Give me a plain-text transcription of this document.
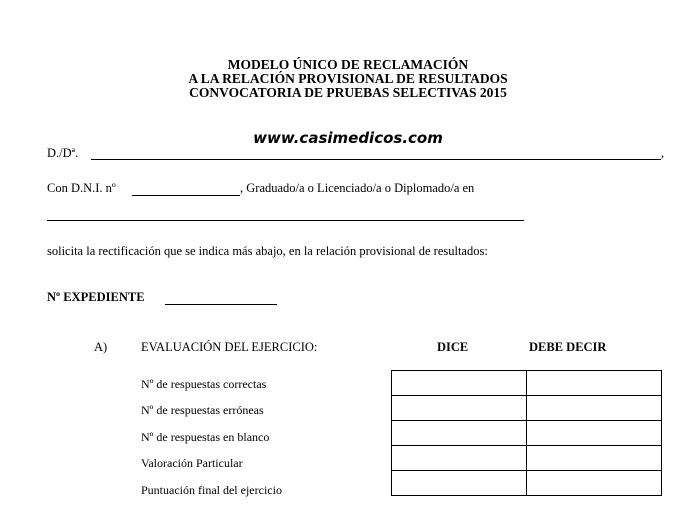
MODELO ÚNICO DE RECLAMACIÓN
A LA RELACIÓN PROVISIONAL DE RESULTADOS
CONVOCATORIA DE PRUEBAS SELECTIVAS 2015
www.casimedicos.com
D./Dª.	,
Con D.N.I. nº	, Graduado/a o Licenciado/a o Diplomado/a en
solicita la rectificación que se indica más abajo, en la relación provisional de resultados:
Nº EXPEDIENTE
A)	EVALUACIÓN DEL EJERCICIO:	DICE	DEBE DECIR
Nº de respuestas correctas
Nº de respuestas erróneas
Nº de respuestas en blanco
Valoración Particular
Puntuación final del ejercicio
